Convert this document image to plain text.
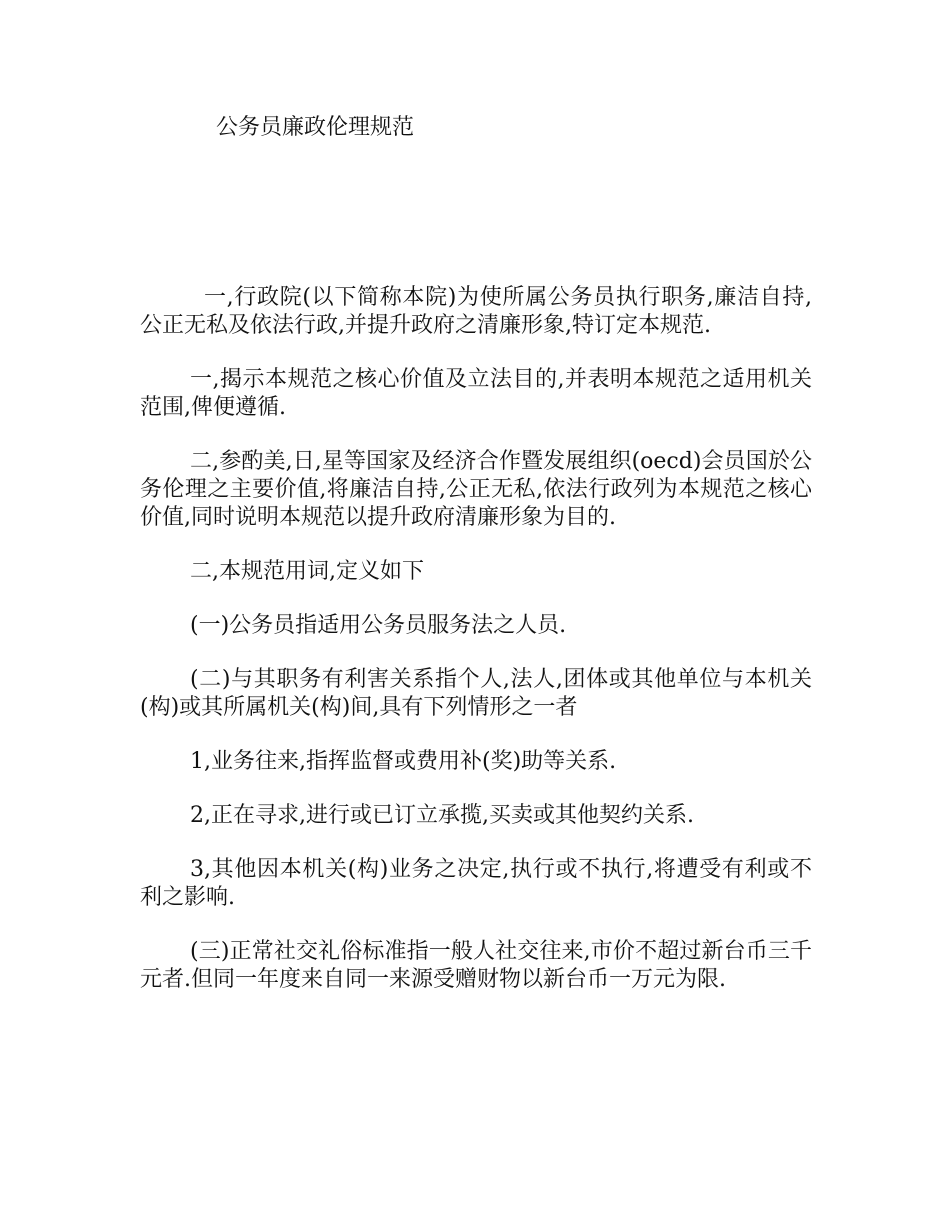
公务员廉政伦理规范

一,行政院(以下简称本院)为使所属公务员执行职务,廉洁自持,公正无私及依法行政,并提升政府之清廉形象,特订定本规范.

一,揭示本规范之核心价值及立法目的,并表明本规范之适用机关范围,俾便遵循.

二,参酌美,日,星等国家及经济合作暨发展组织(oecd)会员国於公务伦理之主要价值,将廉洁自持,公正无私,依法行政列为本规范之核心价值,同时说明本规范以提升政府清廉形象为目的.

二,本规范用词,定义如下

(一)公务员指适用公务员服务法之人员.

(二)与其职务有利害关系指个人,法人,团体或其他单位与本机关(构)或其所属机关(构)间,具有下列情形之一者

1,业务往来,指挥监督或费用补(奖)助等关系.

2,正在寻求,进行或已订立承揽,买卖或其他契约关系.

3,其他因本机关(构)业务之决定,执行或不执行,将遭受有利或不利之影响.

(三)正常社交礼俗标准指一般人社交往来,市价不超过新台币三千元者.但同一年度来自同一来源受赠财物以新台币一万元为限.
